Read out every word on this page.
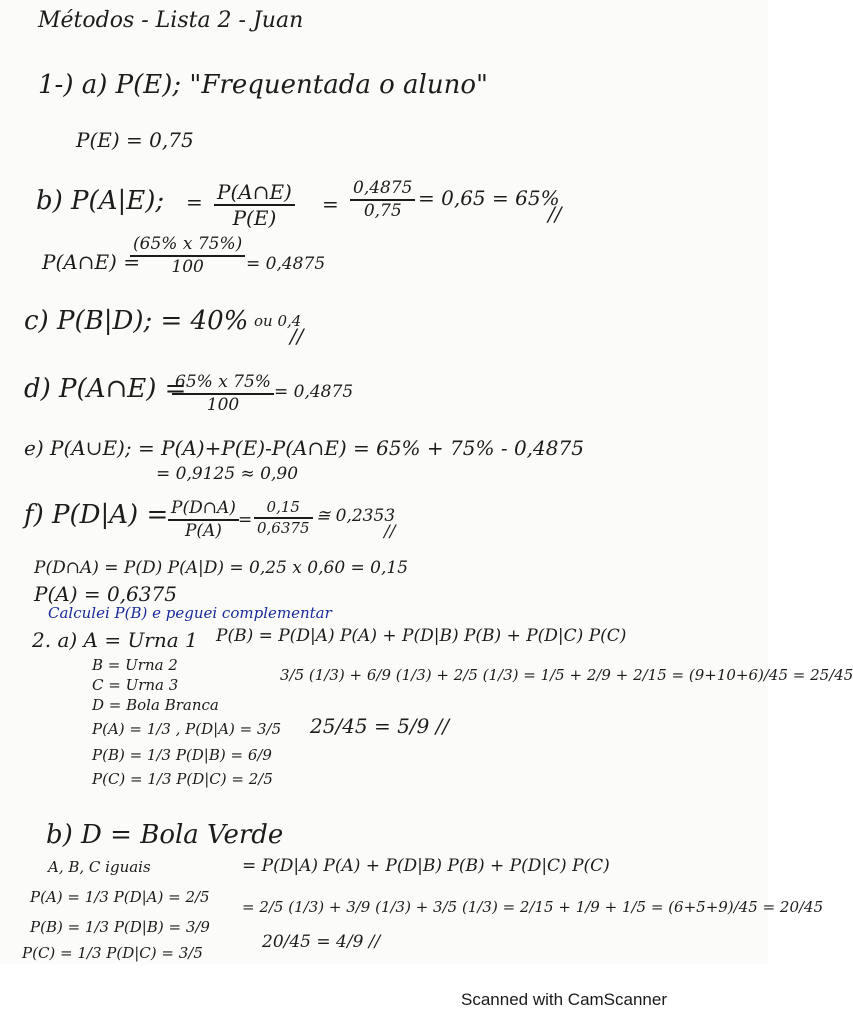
Métodos - Lista 2 - Juan
1-) a) P(E); "Frequentada o aluno"
P(E) = 0,75
b) P(A|E); = P(A∩E)
P(E)
=
0,4875
0,75
= 0,65 = 65%
//
P(A∩E) =
(65% x 75%)
100	= 0,4875
c) P(B|D); = 40% ou 0,4
//
d) P(A∩E) =
65% x 75%
100
= 0,4875
e) P(A∪E); = P(A)+P(E)-P(A∩E) = 65% + 75% - 0,4875
= 0,9125 ≈ 0,90
f) P(D|A) = P(D∩A)
P(A)
=
0,15
0,6375
≅ 0,2353
//
P(D∩A) = P(D) P(A|D) = 0,25 x 0,60 = 0,15
P(A) = 0,6375
Calculei P(B) e peguei complementar
2. a) A = Urna 1 P(B) = P(D|A) P(A) + P(D|B) P(B) + P(D|C) P(C)
B = Urna 2
C = Urna 3
D = Bola Branca
P(A) = 1/3 , P(D|A) = 3/5
P(B) = 1/3 P(D|B) = 6/9
P(C) = 1/3 P(D|C) = 2/5
3/5 (1/3) + 6/9 (1/3) + 2/5 (1/3) = 1/5 + 2/9 + 2/15 = (9+10+6)/45 = 25/45
25/45 = 5/9 //
b) D = Bola Verde
A, B, C iguais	= P(D|A) P(A) + P(D|B) P(B) + P(D|C) P(C)
P(A) = 1/3 P(D|A) = 2/5
P(B) = 1/3 P(D|B) = 3/9
P(C) = 1/3 P(D|C) = 3/5
= 2/5 (1/3) + 3/9 (1/3) + 3/5 (1/3) = 2/15 + 1/9 + 1/5 = (6+5+9)/45 = 20/45
20/45 = 4/9 //
Scanned with CamScanner
